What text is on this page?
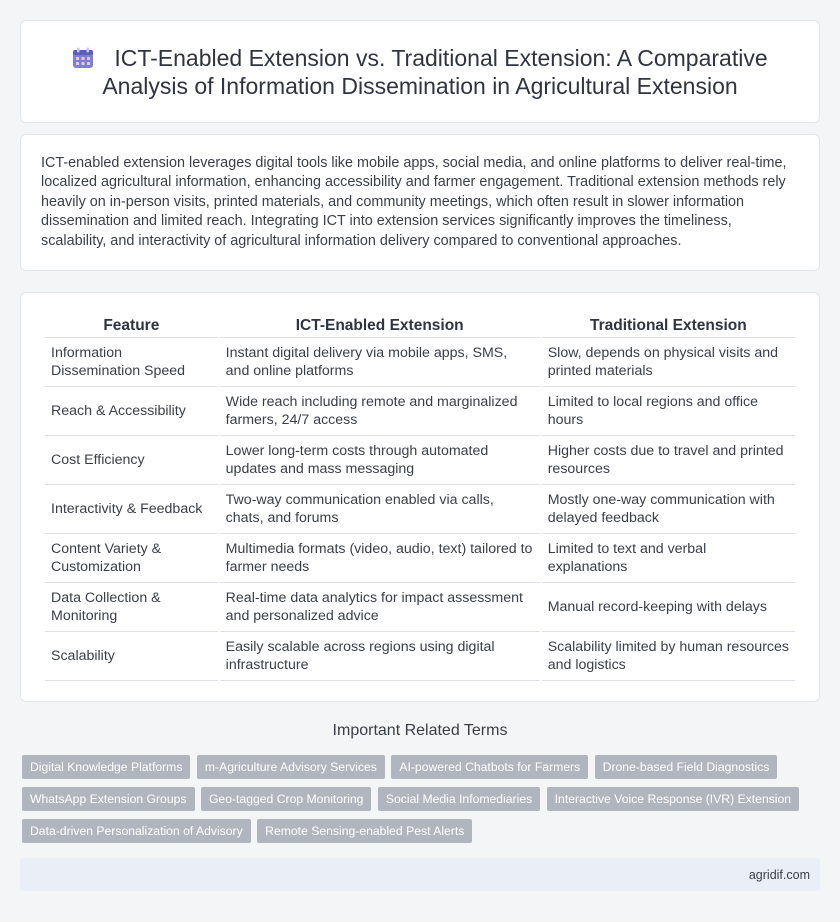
ICT-Enabled Extension vs. Traditional Extension: A Comparative Analysis of Information Dissemination in Agricultural Extension

ICT-enabled extension leverages digital tools like mobile apps, social media, and online platforms to deliver real-time, localized agricultural information, enhancing accessibility and farmer engagement. Traditional extension methods rely heavily on in-person visits, printed materials, and community meetings, which often result in slower information dissemination and limited reach. Integrating ICT into extension services significantly improves the timeliness, scalability, and interactivity of agricultural information delivery compared to conventional approaches.

Feature	ICT-Enabled Extension	Traditional Extension
Information Dissemination Speed	Instant digital delivery via mobile apps, SMS, and online platforms	Slow, depends on physical visits and printed materials
Reach & Accessibility	Wide reach including remote and marginalized farmers, 24/7 access	Limited to local regions and office hours
Cost Efficiency	Lower long-term costs through automated updates and mass messaging	Higher costs due to travel and printed resources
Interactivity & Feedback	Two-way communication enabled via calls, chats, and forums	Mostly one-way communication with delayed feedback
Content Variety & Customization	Multimedia formats (video, audio, text) tailored to farmer needs	Limited to text and verbal explanations
Data Collection & Monitoring	Real-time data analytics for impact assessment and personalized advice	Manual record-keeping with delays
Scalability	Easily scalable across regions using digital infrastructure	Scalability limited by human resources and logistics
Important Related Terms
Digital Knowledge Platforms m-Agriculture Advisory Services AI-powered Chatbots for Farmers Drone-based Field Diagnostics
WhatsApp Extension Groups Geo-tagged Crop Monitoring Social Media Infomediaries Interactive Voice Response (IVR) Extension
Data-driven Personalization of Advisory Remote Sensing-enabled Pest Alerts
agridif.com
